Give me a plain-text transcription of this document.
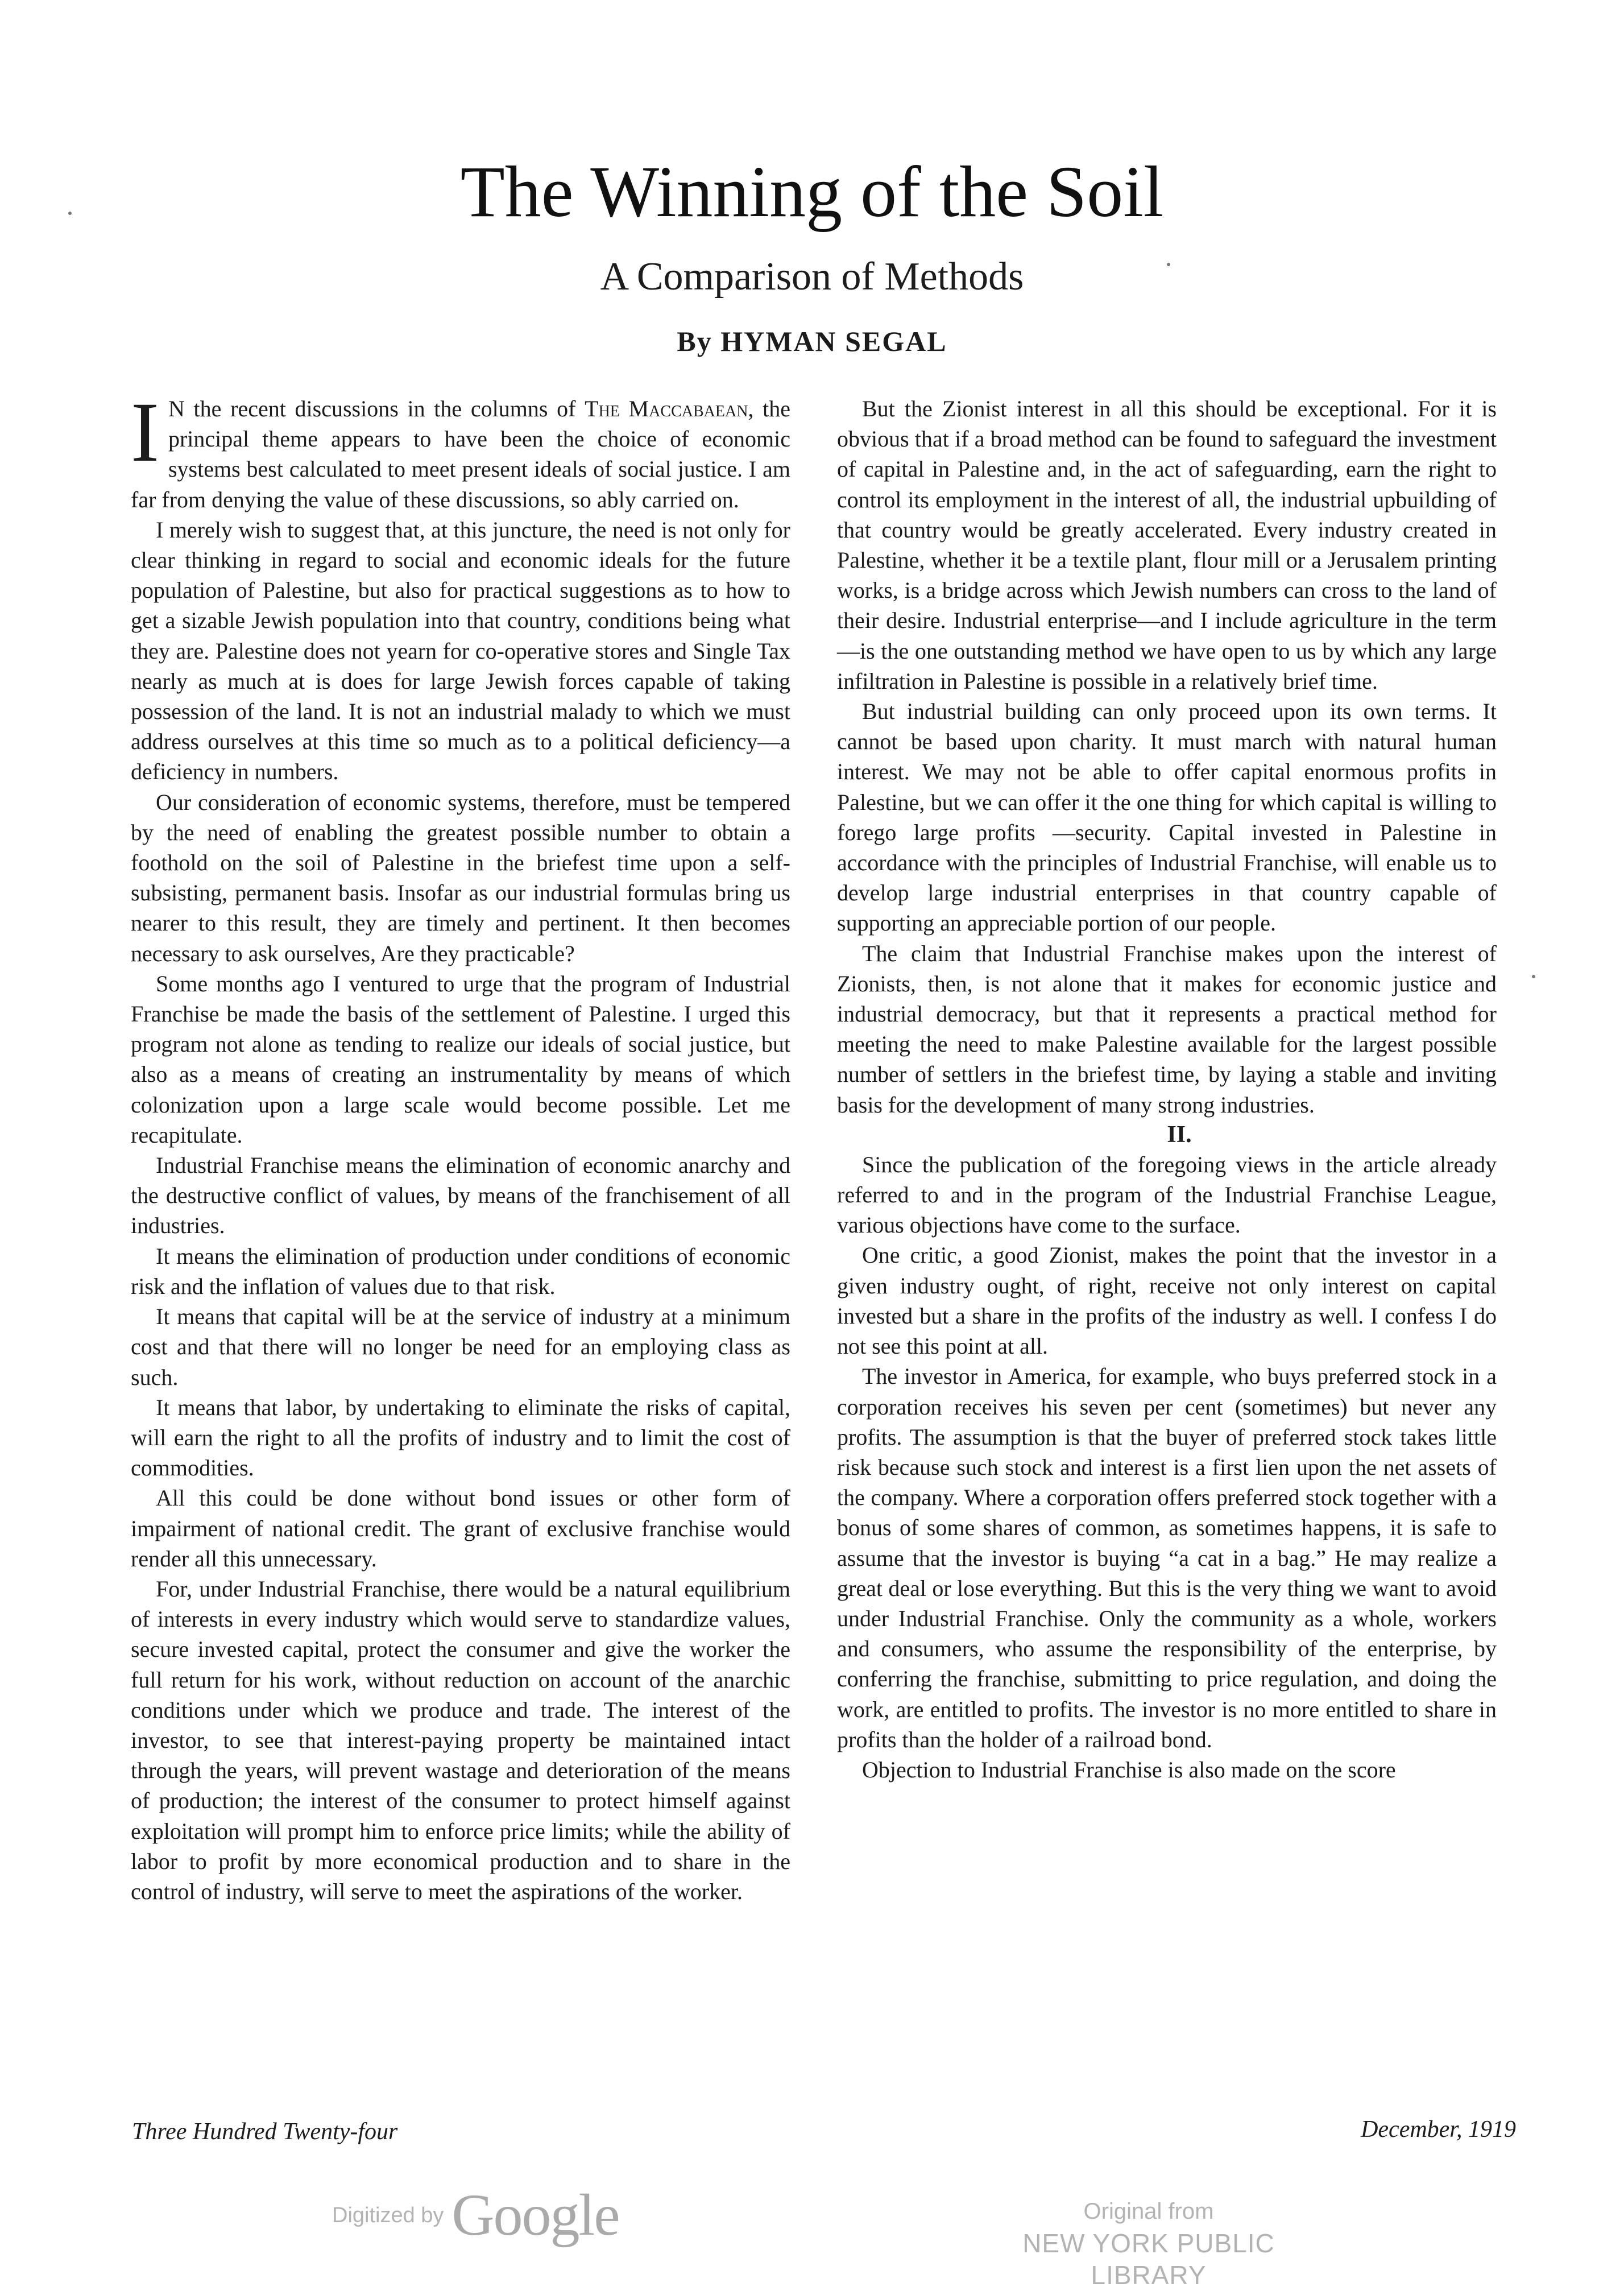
The Winning of the Soil
A Comparison of Methods
By HYMAN SEGAL

I N the recent discussions in the columns of The Maccabaean, the principal theme appears to have been the choice of economic systems best calculated to meet present ideals of social justice. I am far from denying the value of these discussions, so ably carried on.

I merely wish to suggest that, at this juncture, the need is not only for clear thinking in regard to social and economic ideals for the future population of Palestine, but also for practical suggestions as to how to get a sizable Jewish population into that country, conditions being what they are. Palestine does not yearn for co-operative stores and Single Tax nearly as much at is does for large Jewish forces capable of taking possession of the land. It is not an industrial malady to which we must address ourselves at this time so much as to a political deficiency—a deficiency in numbers.

Our consideration of economic systems, therefore, must be tempered by the need of enabling the greatest possible number to obtain a foothold on the soil of Palestine in the briefest time upon a self-subsisting, permanent basis. Insofar as our industrial formulas bring us nearer to this result, they are timely and pertinent. It then becomes necessary to ask ourselves, Are they practicable?

Some months ago I ventured to urge that the program of Industrial Franchise be made the basis of the settlement of Palestine. I urged this program not alone as tending to realize our ideals of social justice, but also as a means of creating an instrumentality by means of which colonization upon a large scale would become possible. Let me recapitulate.

Industrial Franchise means the elimination of economic anarchy and the destructive conflict of values, by means of the franchisement of all industries.

It means the elimination of production under conditions of economic risk and the inflation of values due to that risk.

It means that capital will be at the service of industry at a minimum cost and that there will no longer be need for an employing class as such.

It means that labor, by undertaking to eliminate the risks of capital, will earn the right to all the profits of industry and to limit the cost of commodities.

All this could be done without bond issues or other form of impairment of national credit. The grant of exclusive franchise would render all this unnecessary.

For, under Industrial Franchise, there would be a natural equilibrium of interests in every industry which would serve to standardize values, secure invested capital, protect the consumer and give the worker the full return for his work, without reduction on account of the anarchic conditions under which we produce and trade. The interest of the investor, to see that interest-paying property be maintained intact through the years, will prevent wastage and deterioration of the means of production; the interest of the consumer to protect himself against exploitation will prompt him to enforce price limits; while the ability of labor to profit by more economical production and to share in the control of industry, will serve to meet the aspirations of the worker.

But the Zionist interest in all this should be exceptional. For it is obvious that if a broad method can be found to safeguard the investment of capital in Palestine and, in the act of safeguarding, earn the right to control its employment in the interest of all, the industrial upbuilding of that country would be greatly accelerated. Every industry created in Palestine, whether it be a textile plant, flour mill or a Jerusalem printing works, is a bridge across which Jewish numbers can cross to the land of their desire. Industrial enterprise—and I include agriculture in the term—is the one outstanding method we have open to us by which any large infiltration in Palestine is possible in a relatively brief time.

But industrial building can only proceed upon its own terms. It cannot be based upon charity. It must march with natural human interest. We may not be able to offer capital enormous profits in Palestine, but we can offer it the one thing for which capital is willing to forego large profits —security. Capital invested in Palestine in accordance with the principles of Industrial Franchise, will enable us to develop large industrial enterprises in that country capable of supporting an appreciable portion of our people.

The claim that Industrial Franchise makes upon the interest of Zionists, then, is not alone that it makes for economic justice and industrial democracy, but that it represents a practical method for meeting the need to make Palestine available for the largest possible number of settlers in the briefest time, by laying a stable and inviting basis for the development of many strong industries.

II.

Since the publication of the foregoing views in the article already referred to and in the program of the Industrial Franchise League, various objections have come to the surface.

One critic, a good Zionist, makes the point that the investor in a given industry ought, of right, receive not only interest on capital invested but a share in the profits of the industry as well. I confess I do not see this point at all.

The investor in America, for example, who buys preferred stock in a corporation receives his seven per cent (sometimes) but never any profits. The assumption is that the buyer of preferred stock takes little risk because such stock and interest is a first lien upon the net assets of the company. Where a corporation offers preferred stock together with a bonus of some shares of common, as sometimes happens, it is safe to assume that the investor is buying “a cat in a bag.” He may realize a great deal or lose everything. But this is the very thing we want to avoid under Industrial Franchise. Only the community as a whole, workers and consumers, who assume the responsibility of the enterprise, by conferring the franchise, submitting to price regulation, and doing the work, are entitled to profits. The investor is no more entitled to share in profits than the holder of a railroad bond.

Objection to Industrial Franchise is also made on the score

Three Hundred Twenty-four	December, 1919
Digitized by Google	Original from
NEW YORK PUBLIC LIBRARY
